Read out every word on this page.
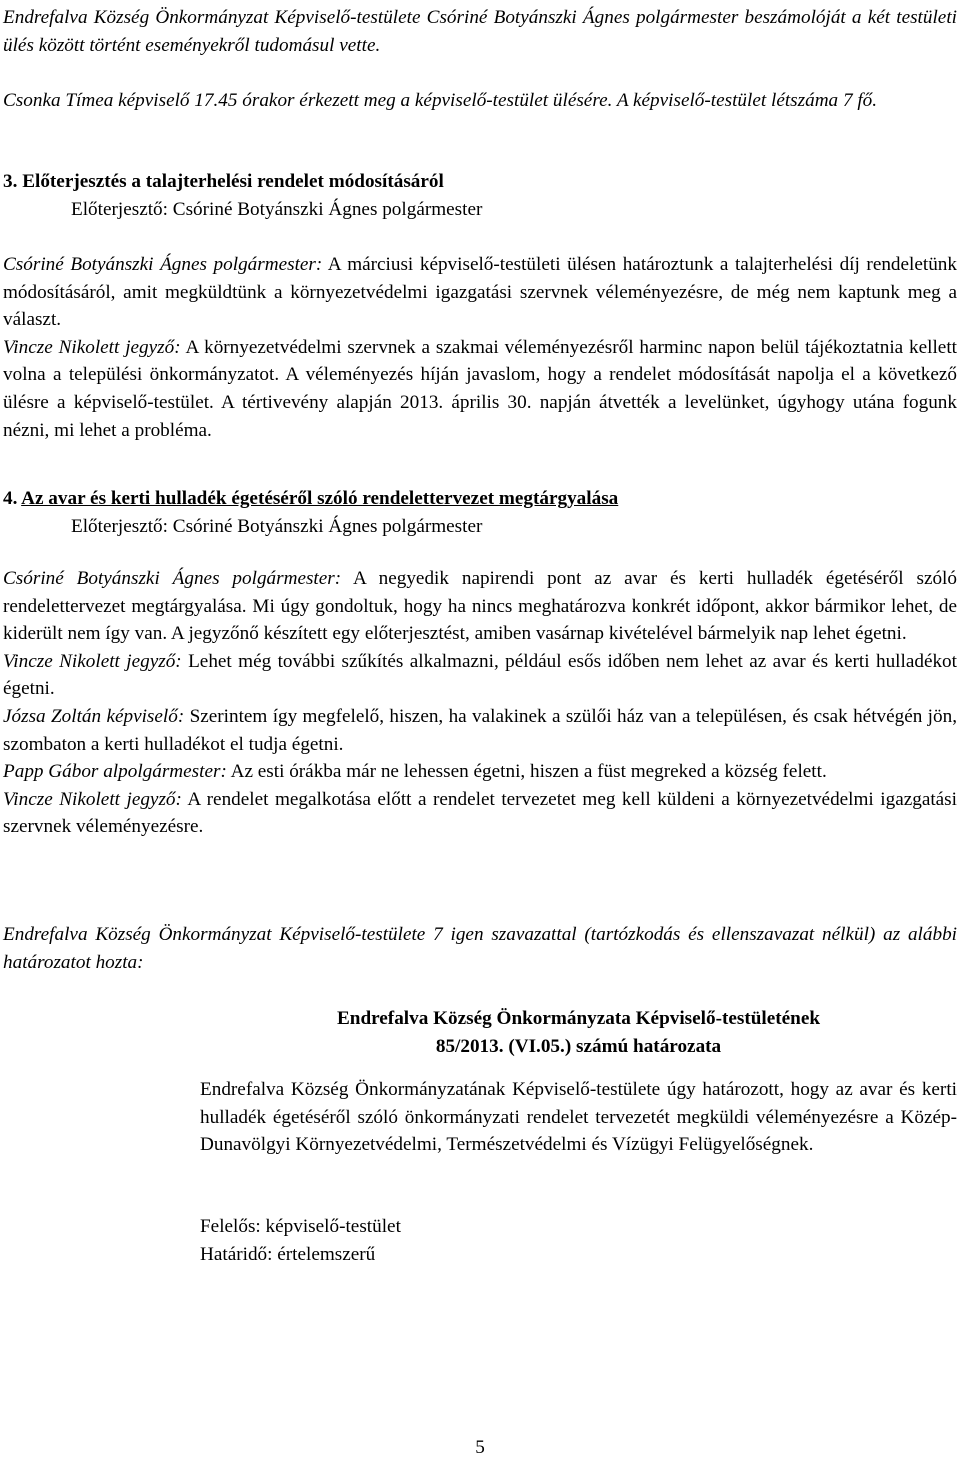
Endrefalva Község Önkormányzat Képviselő-testülete Csóriné Botyánszki Ágnes polgármester beszámolóját a két testületi ülés között történt eseményekről tudomásul vette.

Csonka Tímea képviselő 17.45 órakor érkezett meg a képviselő-testület ülésére. A képviselő-testület létszáma 7 fő.

3. Előterjesztés a talajterhelési rendelet módosításáról

Előterjesztő: Csóriné Botyánszki Ágnes polgármester

Csóriné Botyánszki Ágnes polgármester: A márciusi képviselő-testületi ülésen határoztunk a talajterhelési díj rendeletünk módosításáról, amit megküldtünk a környezetvédelmi igazgatási szervnek véleményezésre, de még nem kaptunk meg a választ.

Vincze Nikolett jegyző: A környezetvédelmi szervnek a szakmai véleményezésről harminc napon belül tájékoztatnia kellett volna a települési önkormányzatot. A véleményezés híján javaslom, hogy a rendelet módosítását napolja el a következő ülésre a képviselő-testület. A tértivevény alapján 2013. április 30. napján átvették a levelünket, úgyhogy utána fogunk nézni, mi lehet a probléma.

4. Az avar és kerti hulladék égetéséről szóló rendelettervezet megtárgyalása

Előterjesztő: Csóriné Botyánszki Ágnes polgármester

Csóriné Botyánszki Ágnes polgármester: A negyedik napirendi pont az avar és kerti hulladék égetéséről szóló rendelettervezet megtárgyalása. Mi úgy gondoltuk, hogy ha nincs meghatározva konkrét időpont, akkor bármikor lehet, de kiderült nem így van. A jegyzőnő készített egy előterjesztést, amiben vasárnap kivételével bármelyik nap lehet égetni.

Vincze Nikolett jegyző: Lehet még további szűkítés alkalmazni, például esős időben nem lehet az avar és kerti hulladékot égetni.

Józsa Zoltán képviselő: Szerintem így megfelelő, hiszen, ha valakinek a szülői ház van a településen, és csak hétvégén jön, szombaton a kerti hulladékot el tudja égetni.

Papp Gábor alpolgármester: Az esti órákba már ne lehessen égetni, hiszen a füst megreked a község felett.

Vincze Nikolett jegyző: A rendelet megalkotása előtt a rendelet tervezetet meg kell küldeni a környezetvédelmi igazgatási szervnek véleményezésre.

Endrefalva Község Önkormányzat Képviselő-testülete 7 igen szavazattal (tartózkodás és ellenszavazat nélkül) az alábbi határozatot hozta:

Endrefalva Község Önkormányzata Képviselő-testületének

85/2013. (VI.05.) számú határozata

Endrefalva Község Önkormányzatának Képviselő-testülete úgy határozott, hogy az avar és kerti hulladék égetéséről szóló önkormányzati rendelet tervezetét megküldi véleményezésre a Közép-Dunavölgyi Környezetvédelmi, Természetvédelmi és Vízügyi Felügyelőségnek.

Felelős: képviselő-testület

Határidő: értelemszerű

5
